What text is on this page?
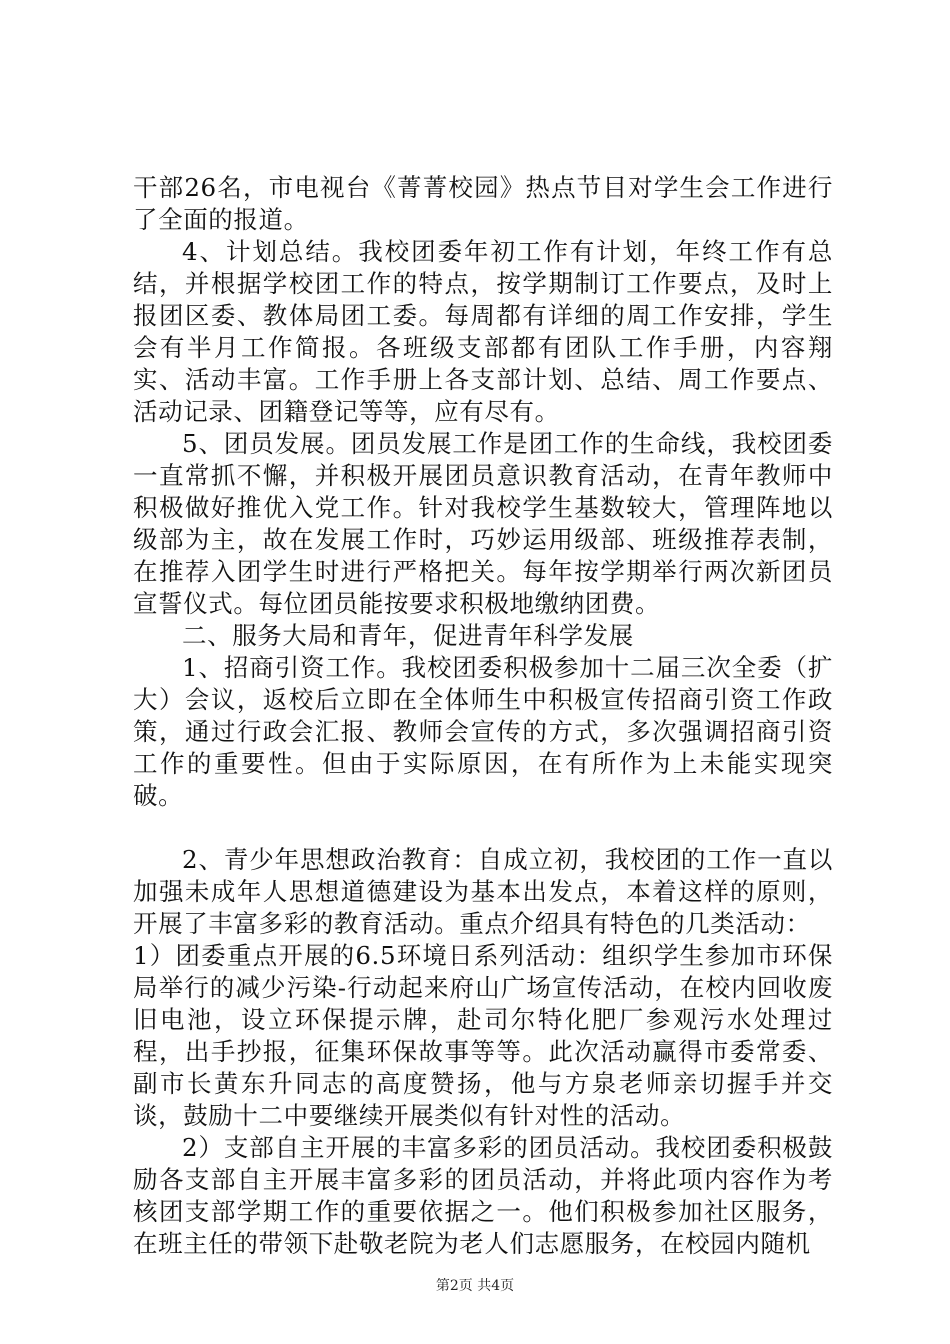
干部26名，市电视台《菁菁校园》热点节目对学生会工作进行了全面的报道。

4、计划总结。我校团委年初工作有计划，年终工作有总结，并根据学校团工作的特点，按学期制订工作要点，及时上报团区委、教体局团工委。每周都有详细的周工作安排，学生会有半月工作简报。各班级支部都有团队工作手册，内容翔实、活动丰富。工作手册上各支部计划、总结、周工作要点、活动记录、团籍登记等等，应有尽有。

5、团员发展。团员发展工作是团工作的生命线，我校团委一直常抓不懈，并积极开展团员意识教育活动，在青年教师中积极做好推优入党工作。针对我校学生基数较大，管理阵地以级部为主，故在发展工作时，巧妙运用级部、班级推荐表制，在推荐入团学生时进行严格把关。每年按学期举行两次新团员宣誓仪式。每位团员能按要求积极地缴纳团费。

二、服务大局和青年，促进青年科学发展

1、招商引资工作。我校团委积极参加十二届三次全委（扩大）会议，返校后立即在全体师生中积极宣传招商引资工作政策，通过行政会汇报、教师会宣传的方式，多次强调招商引资工作的重要性。但由于实际原因，在有所作为上未能实现突破。

2、青少年思想政治教育：自成立初，我校团的工作一直以加强未成年人思想道德建设为基本出发点，本着这样的原则，开展了丰富多彩的教育活动。重点介绍具有特色的几类活动：

1）团委重点开展的6.5环境日系列活动：组织学生参加市环保局举行的减少污染-行动起来府山广场宣传活动，在校内回收废旧电池，设立环保提示牌，赴司尔特化肥厂参观污水处理过程，出手抄报，征集环保故事等等。此次活动赢得市委常委、副市长黄东升同志的高度赞扬，他与方泉老师亲切握手并交谈，鼓励十二中要继续开展类似有针对性的活动。

2）支部自主开展的丰富多彩的团员活动。我校团委积极鼓励各支部自主开展丰富多彩的团员活动，并将此项内容作为考核团支部学期工作的重要依据之一。他们积极参加社区服务，在班主任的带领下赴敬老院为老人们志愿服务，在校园内随机

第2页 共4页
